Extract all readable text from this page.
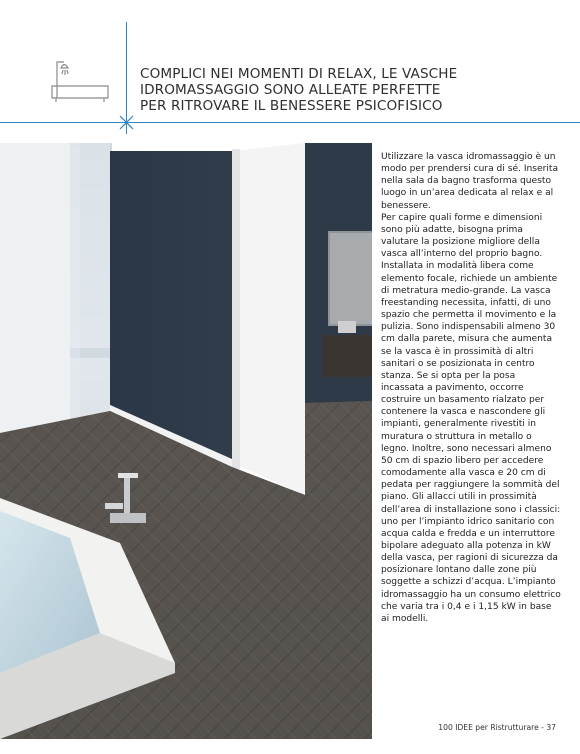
COMPLICI NEI MOMENTI DI RELAX, LE VASCHE IDROMASSAGGIO SONO ALLEATE PERFETTE PER RITROVARE IL BENESSERE PSICOFISICO

Utilizzare la vasca idromassaggio è un modo per prendersi cura di sé. Inserita nella sala da bagno trasforma questo luogo in un’area dedicata al relax e al benessere.

Per capire quali forme e dimensioni sono più adatte, bisogna prima valutare la posizione migliore della vasca all’interno del proprio bagno. Installata in modalità libera come elemento focale, richiede un ambiente di metratura medio-grande. La vasca freestanding necessita, infatti, di uno spazio che permetta il movimento e la pulizia. Sono indispensabili almeno 30 cm dalla parete, misura che aumenta se la vasca è in prossimità di altri sanitari o se posizionata in centro stanza. Se si opta per la posa incassata a pavimento, occorre costruire un basamento rialzato per contenere la vasca e nascondere gli impianti, generalmente rivestiti in muratura o struttura in metallo o legno. Inoltre, sono necessari almeno 50 cm di spazio libero per accedere comodamente alla vasca e 20 cm di pedata per raggiungere la sommità del piano. Gli allacci utili in prossimità dell’area di installazione sono i classici: uno per l’impianto idrico sanitario con acqua calda e fredda e un interruttore bipolare adeguato alla potenza in kW della vasca, per ragioni di sicurezza da posizionare lontano dalle zone più soggette a schizzi d’acqua. L’impianto idromassaggio ha un consumo elettrico che varia tra i 0,4 e i 1,15 kW in base ai modelli.

100 IDEE per Ristrutturare - 37
